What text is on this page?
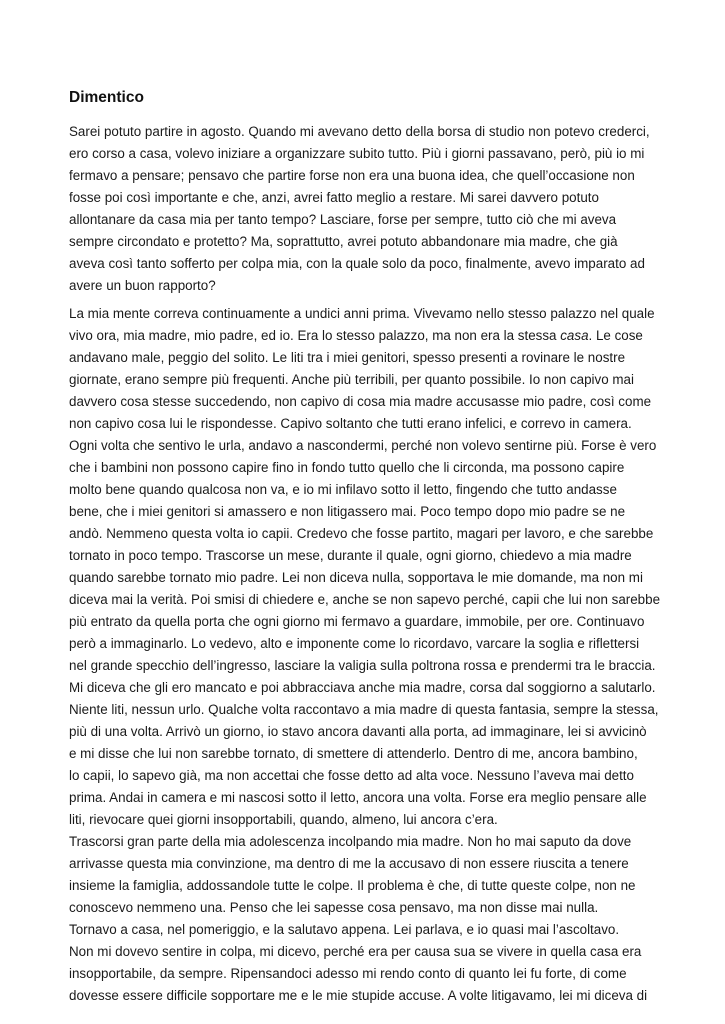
Dimentico

Sarei potuto partire in agosto. Quando mi avevano detto della borsa di studio non potevo crederci,

ero corso a casa, volevo iniziare a organizzare subito tutto. Più i giorni passavano, però, più io mi

fermavo a pensare; pensavo che partire forse non era una buona idea, che quell’occasione non

fosse poi così importante e che, anzi, avrei fatto meglio a restare. Mi sarei davvero potuto

allontanare da casa mia per tanto tempo? Lasciare, forse per sempre, tutto ciò che mi aveva

sempre circondato e protetto? Ma, soprattutto, avrei potuto abbandonare mia madre, che già

aveva così tanto sofferto per colpa mia, con la quale solo da poco, finalmente, avevo imparato ad

avere un buon rapporto?

La mia mente correva continuamente a undici anni prima. Vivevamo nello stesso palazzo nel quale

vivo ora, mia madre, mio padre, ed io. Era lo stesso palazzo, ma non era la stessa casa. Le cose

andavano male, peggio del solito. Le liti tra i miei genitori, spesso presenti a rovinare le nostre

giornate, erano sempre più frequenti. Anche più terribili, per quanto possibile. Io non capivo mai

davvero cosa stesse succedendo, non capivo di cosa mia madre accusasse mio padre, così come

non capivo cosa lui le rispondesse. Capivo soltanto che tutti erano infelici, e correvo in camera.

Ogni volta che sentivo le urla, andavo a nascondermi, perché non volevo sentirne più. Forse è vero

che i bambini non possono capire fino in fondo tutto quello che li circonda, ma possono capire

molto bene quando qualcosa non va, e io mi infilavo sotto il letto, fingendo che tutto andasse

bene, che i miei genitori si amassero e non litigassero mai. Poco tempo dopo mio padre se ne

andò. Nemmeno questa volta io capii. Credevo che fosse partito, magari per lavoro, e che sarebbe

tornato in poco tempo. Trascorse un mese, durante il quale, ogni giorno, chiedevo a mia madre

quando sarebbe tornato mio padre. Lei non diceva nulla, sopportava le mie domande, ma non mi

diceva mai la verità. Poi smisi di chiedere e, anche se non sapevo perché, capii che lui non sarebbe

più entrato da quella porta che ogni giorno mi fermavo a guardare, immobile, per ore. Continuavo

però a immaginarlo. Lo vedevo, alto e imponente come lo ricordavo, varcare la soglia e riflettersi

nel grande specchio dell’ingresso, lasciare la valigia sulla poltrona rossa e prendermi tra le braccia.

Mi diceva che gli ero mancato e poi abbracciava anche mia madre, corsa dal soggiorno a salutarlo.

Niente liti, nessun urlo. Qualche volta raccontavo a mia madre di questa fantasia, sempre la stessa,

più di una volta. Arrivò un giorno, io stavo ancora davanti alla porta, ad immaginare, lei si avvicinò

e mi disse che lui non sarebbe tornato, di smettere di attenderlo. Dentro di me, ancora bambino,

lo capii, lo sapevo già, ma non accettai che fosse detto ad alta voce. Nessuno l’aveva mai detto

prima. Andai in camera e mi nascosi sotto il letto, ancora una volta. Forse era meglio pensare alle

liti, rievocare quei giorni insopportabili, quando, almeno, lui ancora c’era.

Trascorsi gran parte della mia adolescenza incolpando mia madre. Non ho mai saputo da dove

arrivasse questa mia convinzione, ma dentro di me la accusavo di non essere riuscita a tenere

insieme la famiglia, addossandole tutte le colpe. Il problema è che, di tutte queste colpe, non ne

conoscevo nemmeno una. Penso che lei sapesse cosa pensavo, ma non disse mai nulla.

Tornavo a casa, nel pomeriggio, e la salutavo appena. Lei parlava, e io quasi mai l’ascoltavo.

Non mi dovevo sentire in colpa, mi dicevo, perché era per causa sua se vivere in quella casa era

insopportabile, da sempre. Ripensandoci adesso mi rendo conto di quanto lei fu forte, di come

dovesse essere difficile sopportare me e le mie stupide accuse. A volte litigavamo, lei mi diceva di
